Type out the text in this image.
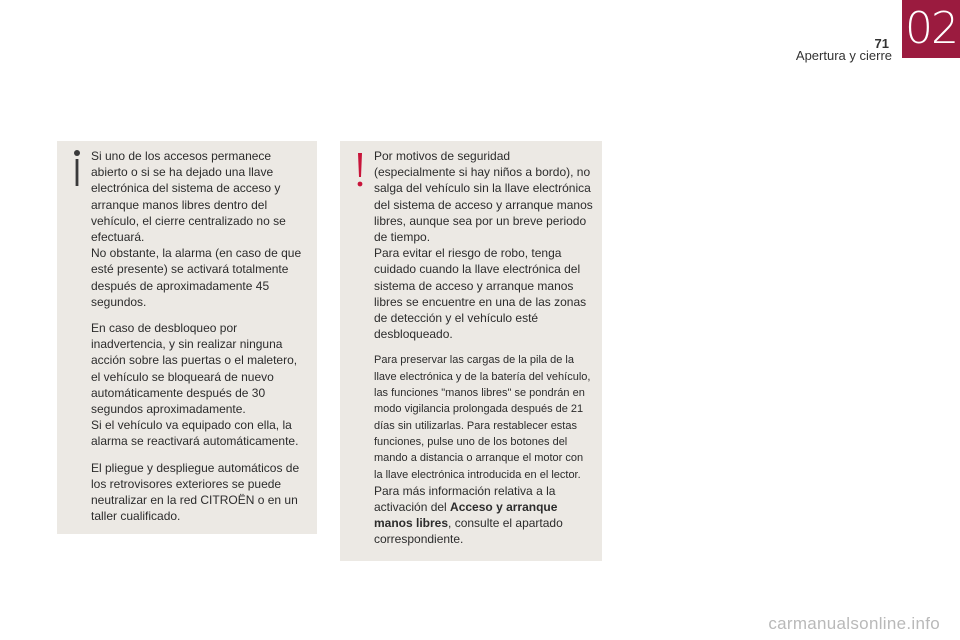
71
Apertura y cierre
02

Si uno de los accesos permanece abierto o si se ha dejado una llave electrónica del sistema de acceso y arranque manos libres dentro del vehículo, el cierre centralizado no se efectuará.
No obstante, la alarma (en caso de que esté presente) se activará totalmente después de aproximadamente 45 segundos.

En caso de desbloqueo por inadvertencia, y sin realizar ninguna acción sobre las puertas o el maletero, el vehículo se bloqueará de nuevo automáticamente después de 30 segundos aproximadamente.
Si el vehículo va equipado con ella, la alarma se reactivará automáticamente.

El pliegue y despliegue automáticos de los retrovisores exteriores se puede neutralizar en la red CITROËN o en un taller cualificado.

Por motivos de seguridad (especialmente si hay niños a bordo), no salga del vehículo sin la llave electrónica del sistema de acceso y arranque manos libres, aunque sea por un breve periodo de tiempo.
Para evitar el riesgo de robo, tenga cuidado cuando la llave electrónica del sistema de acceso y arranque manos libres se encuentre en una de las zonas de detección y el vehículo esté desbloqueado.

Para preservar las cargas de la pila de la llave electrónica y de la batería del vehículo, las funciones "manos libres" se pondrán en modo vigilancia prolongada después de 21 días sin utilizarlas. Para restablecer estas funciones, pulse uno de los botones del mando a distancia o arranque el motor con la llave electrónica introducida en el lector.

Para más información relativa a la activación del Acceso y arranque manos libres, consulte el apartado correspondiente.

carmanualsonline.info
